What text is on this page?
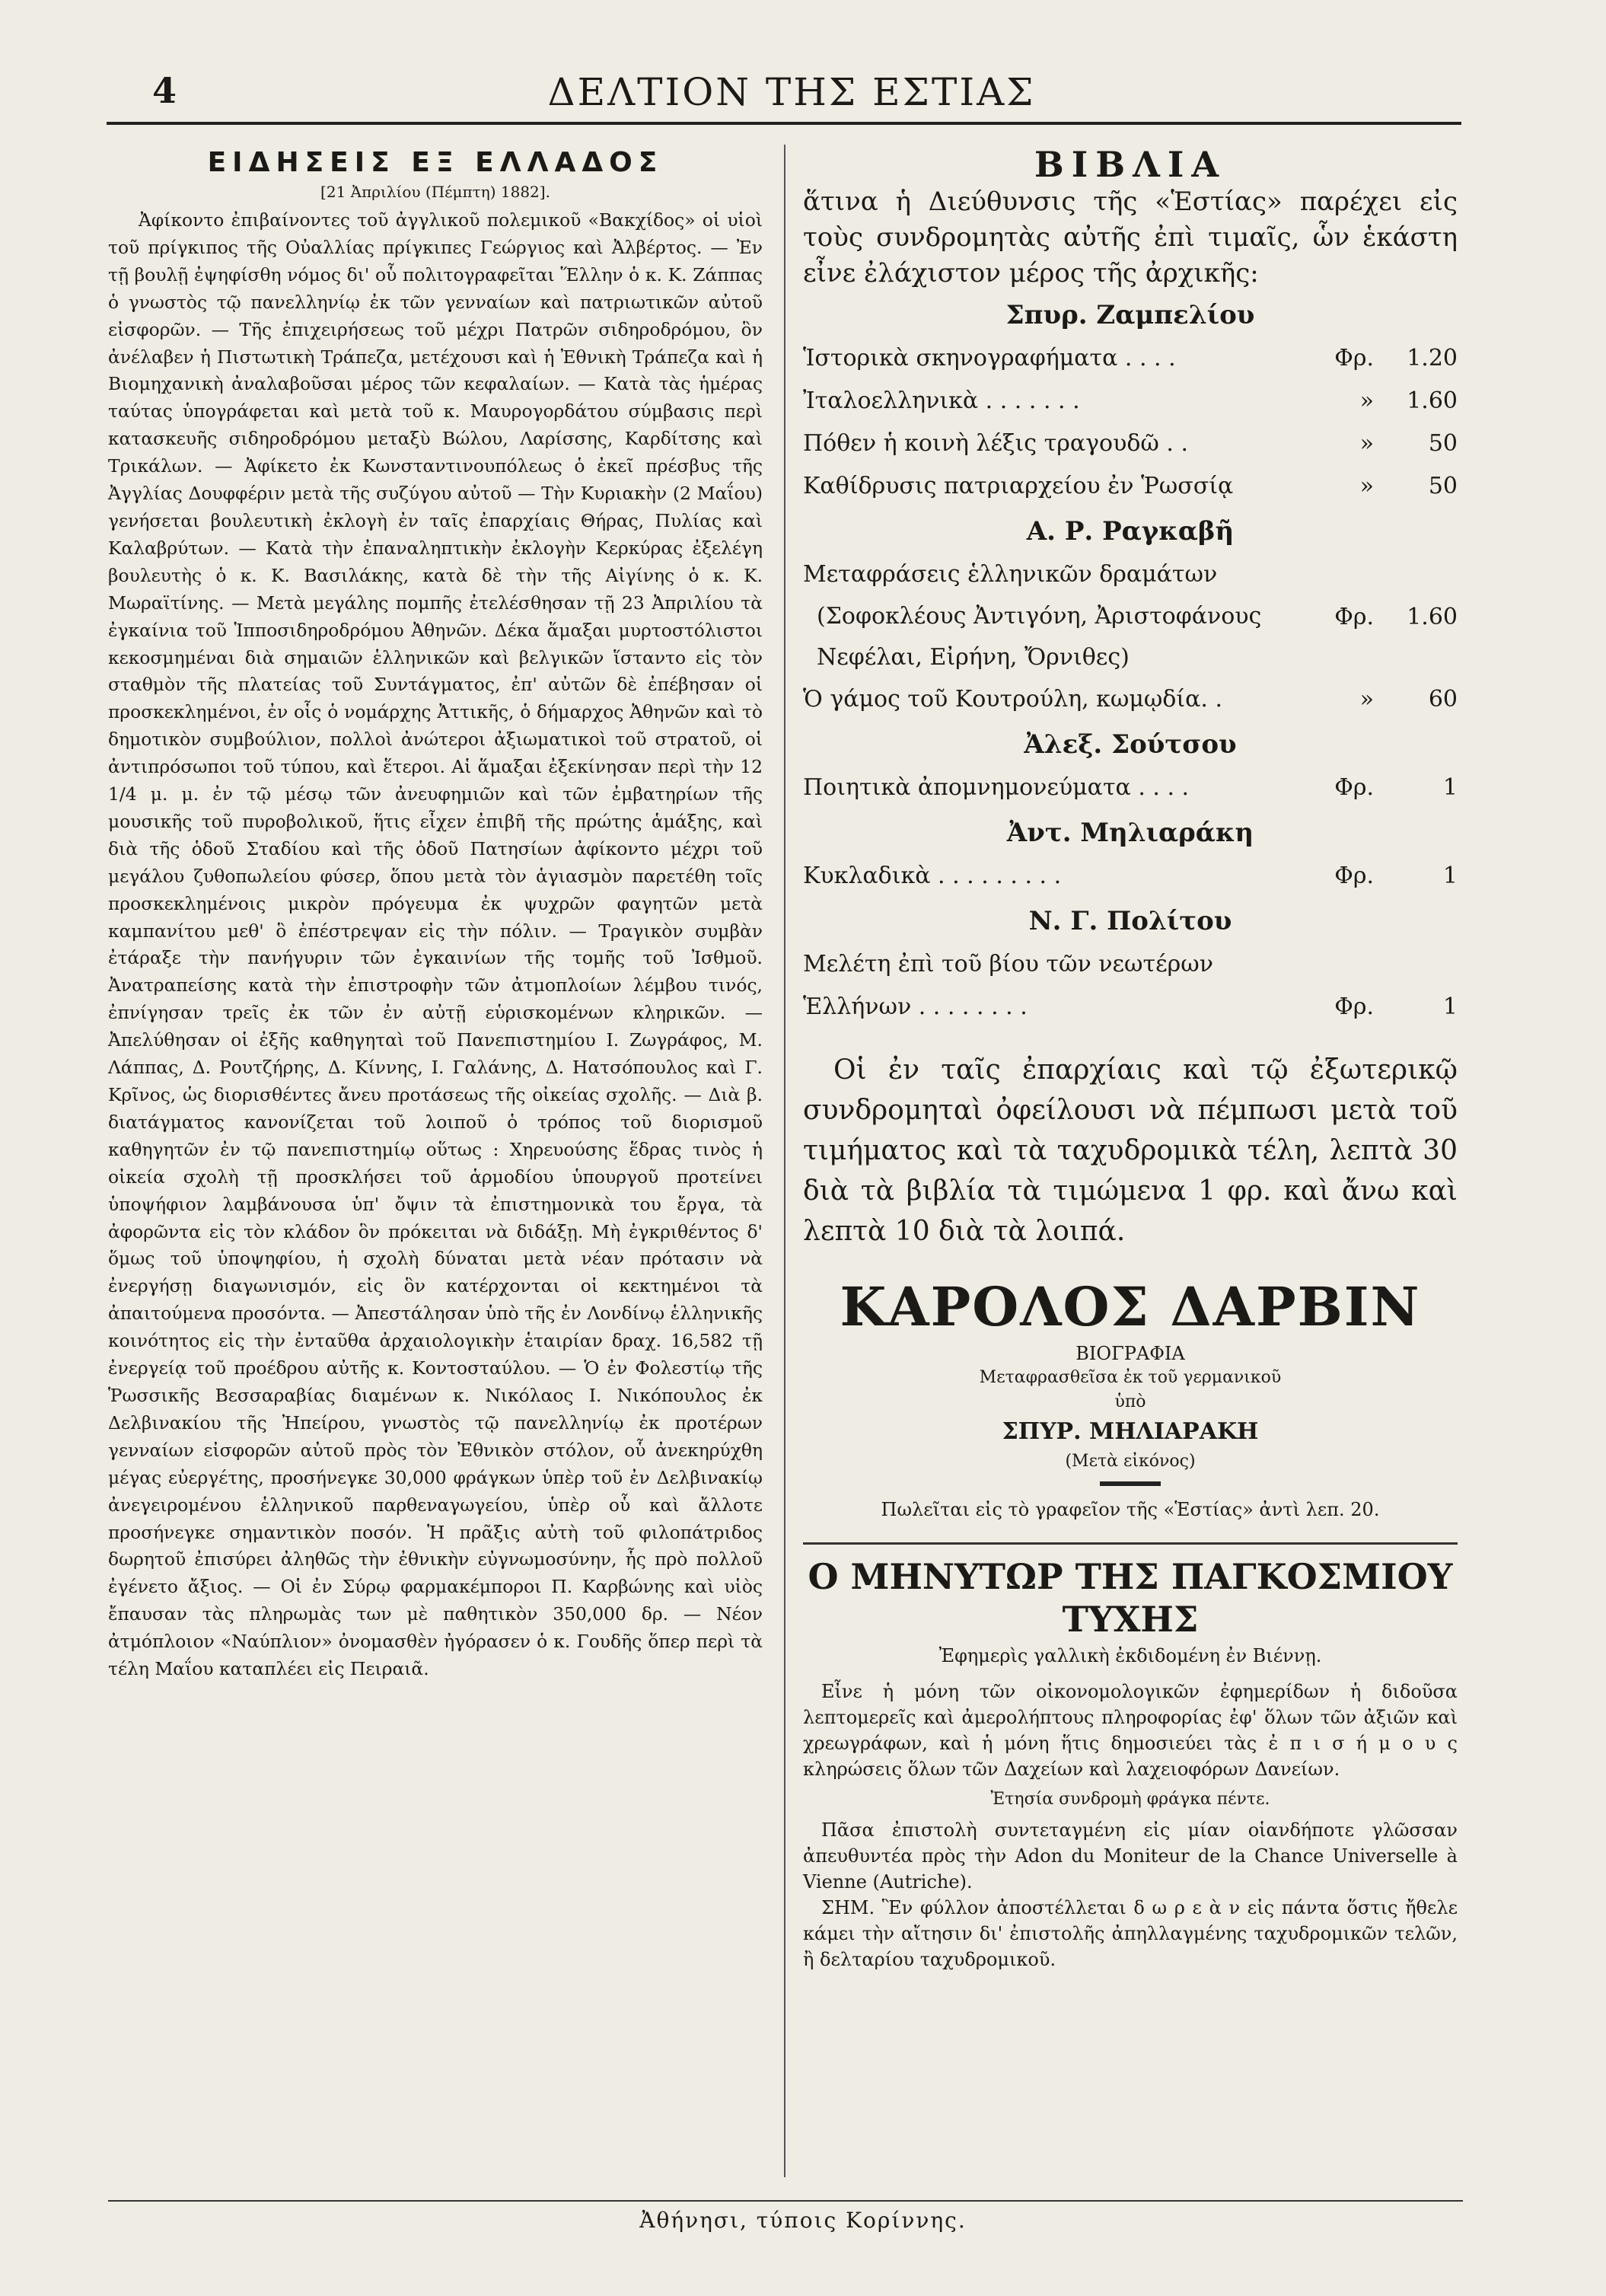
4	ΔΕΛΤΙΟΝ ΤΗΣ ΕΣΤΙΑΣ
ΕΙΔΗΣΕΙΣ ΕΞ ΕΛΛΑΔΟΣ

[21 Ἀπριλίου (Πέμπτη) 1882].

Ἀφίκοντο ἐπιβαίνοντες τοῦ ἀγγλικοῦ πολεμικοῦ «Βακχίδος» οἱ υἱοὶ τοῦ πρίγκιπος τῆς Οὐαλλίας πρίγκιπες Γεώργιος καὶ Ἀλβέρτος. — Ἐν τῇ βουλῇ ἐψηφίσθη νόμος δι' οὗ πολιτογραφεῖται Ἕλλην ὁ κ. Κ. Ζάππας ὁ γνωστὸς τῷ πανελληνίῳ ἐκ τῶν γενναίων καὶ πατριωτικῶν αὐτοῦ εἰσφορῶν. — Τῆς ἐπιχειρήσεως τοῦ μέχρι Πατρῶν σιδηροδρόμου, ὃν ἀνέλαβεν ἡ Πιστωτικὴ Τράπεζα, μετέχουσι καὶ ἡ Ἐθνικὴ Τράπεζα καὶ ἡ Βιομηχανικὴ ἀναλαβοῦσαι μέρος τῶν κεφαλαίων. — Κατὰ τὰς ἡμέρας ταύτας ὑπογράφεται καὶ μετὰ τοῦ κ. Μαυρογορδάτου σύμβασις περὶ κατασκευῆς σιδηροδρόμου μεταξὺ Βώλου, Λαρίσσης, Καρδίτσης καὶ Τρικάλων. — Ἀφίκετο ἐκ Κωνσταντινουπόλεως ὁ ἐκεῖ πρέσβυς τῆς Ἀγγλίας Δουφφέριν μετὰ τῆς συζύγου αὐτοῦ — Τὴν Κυριακὴν (2 Μαΐου) γενήσεται βουλευτικὴ ἐκλογὴ ἐν ταῖς ἐπαρχίαις Θήρας, Πυλίας καὶ Καλαβρύτων. — Κατὰ τὴν ἐπαναληπτικὴν ἐκλογὴν Κερκύρας ἐξελέγη βουλευτὴς ὁ κ. Κ. Βασιλάκης, κατὰ δὲ τὴν τῆς Αἰγίνης ὁ κ. Κ. Μωραϊτίνης. — Μετὰ μεγάλης πομπῆς ἐτελέσθησαν τῇ 23 Ἀπριλίου τὰ ἐγκαίνια τοῦ Ἱπποσιδηροδρόμου Ἀθηνῶν. Δέκα ἅμαξαι μυρτοστόλιστοι κεκοσμημέναι διὰ σημαιῶν ἑλληνικῶν καὶ βελγικῶν ἵσταντο εἰς τὸν σταθμὸν τῆς πλατείας τοῦ Συντάγματος, ἐπ' αὐτῶν δὲ ἐπέβησαν οἱ προσκεκλημένοι, ἐν οἷς ὁ νομάρχης Ἀττικῆς, ὁ δήμαρχος Ἀθηνῶν καὶ τὸ δημοτικὸν συμβούλιον, πολλοὶ ἀνώτεροι ἀξιωματικοὶ τοῦ στρατοῦ, οἱ ἀντιπρόσωποι τοῦ τύπου, καὶ ἕτεροι. Αἱ ἅμαξαι ἐξεκίνησαν περὶ τὴν 12 1/4 μ. μ. ἐν τῷ μέσῳ τῶν ἀνευφημιῶν καὶ τῶν ἐμβατηρίων τῆς μουσικῆς τοῦ πυροβολικοῦ, ἥτις εἶχεν ἐπιβῆ τῆς πρώτης ἁμάξης, καὶ διὰ τῆς ὁδοῦ Σταδίου καὶ τῆς ὁδοῦ Πατησίων ἀφίκοντο μέχρι τοῦ μεγάλου ζυθοπωλείου φύσερ, ὅπου μετὰ τὸν ἁγιασμὸν παρετέθη τοῖς προσκεκλημένοις μικρὸν πρόγευμα ἐκ ψυχρῶν φαγητῶν μετὰ καμπανίτου μεθ' ὃ ἐπέστρεψαν εἰς τὴν πόλιν. — Τραγικὸν συμβὰν ἐτάραξε τὴν πανήγυριν τῶν ἐγκαινίων τῆς τομῆς τοῦ Ἰσθμοῦ. Ἀνατραπείσης κατὰ τὴν ἐπιστροφὴν τῶν ἀτμοπλοίων λέμβου τινός, ἐπνίγησαν τρεῖς ἐκ τῶν ἐν αὐτῇ εὑρισκομένων κληρικῶν. — Ἀπελύθησαν οἱ ἐξῆς καθηγηταὶ τοῦ Πανεπιστημίου Ι. Ζωγράφος, Μ. Λάππας, Δ. Ρουτζήρης, Δ. Κίννης, Ι. Γαλάνης, Δ. Ηατσόπουλος καὶ Γ. Κρῖνος, ὡς διορισθέντες ἄνευ προτάσεως τῆς οἰκείας σχολῆς. — Διὰ β. διατάγματος κανονίζεται τοῦ λοιποῦ ὁ τρόπος τοῦ διορισμοῦ καθηγητῶν ἐν τῷ πανεπιστημίῳ οὕτως : Χηρευούσης ἕδρας τινὸς ἡ οἰκεία σχολὴ τῇ προσκλήσει τοῦ ἁρμοδίου ὑπουργοῦ προτείνει ὑποψήφιον λαμβάνουσα ὑπ' ὄψιν τὰ ἐπιστημονικὰ του ἔργα, τὰ ἀφορῶντα εἰς τὸν κλάδον ὃν πρόκειται νὰ διδάξῃ. Μὴ ἐγκριθέντος δ' ὅμως τοῦ ὑποψηφίου, ἡ σχολὴ δύναται μετὰ νέαν πρότασιν νὰ ἐνεργήσῃ διαγωνισμόν, εἰς ὃν κατέρχονται οἱ κεκτημένοι τὰ ἀπαιτούμενα προσόντα. — Ἀπεστάλησαν ὑπὸ τῆς ἐν Λονδίνῳ ἑλληνικῆς κοινότητος εἰς τὴν ἐνταῦθα ἀρχαιολογικὴν ἑταιρίαν δραχ. 16,582 τῇ ἐνεργείᾳ τοῦ προέδρου αὐτῆς κ. Κοντοσταύλου. — Ὁ ἐν Φολεστίῳ τῆς Ῥωσσικῆς Βεσσαραβίας διαμένων κ. Νικόλαος Ι. Νικόπουλος ἐκ Δελβινακίου τῆς Ἠπείρου, γνωστὸς τῷ πανελληνίῳ ἐκ προτέρων γενναίων εἰσφορῶν αὐτοῦ πρὸς τὸν Ἐθνικὸν στόλον, οὗ ἀνεκηρύχθη μέγας εὐεργέτης, προσήνεγκε 30,000 φράγκων ὑπὲρ τοῦ ἐν Δελβινακίῳ ἀνεγειρομένου ἑλληνικοῦ παρθεναγωγείου, ὑπὲρ οὗ καὶ ἄλλοτε προσήνεγκε σημαντικὸν ποσόν. Ἡ πρᾶξις αὐτὴ τοῦ φιλοπάτριδος δωρητοῦ ἐπισύρει ἀληθῶς τὴν ἐθνικὴν εὐγνωμοσύνην, ἧς πρὸ πολλοῦ ἐγένετο ἄξιος. — Οἱ ἐν Σύρῳ φαρμακέμποροι Π. Καρβώνης καὶ υἱὸς ἔπαυσαν τὰς πληρωμὰς των μὲ παθητικὸν 350,000 δρ. — Νέον ἀτμόπλοιον «Ναύπλιον» ὀνομασθὲν ἠγόρασεν ὁ κ. Γουδῆς ὅπερ περὶ τὰ τέλη Μαΐου καταπλέει εἰς Πειραιᾶ.

ΒΙΒΛΙΑ

ἅτινα ἡ Διεύθυνσις τῆς «Ἑστίας» παρέχει εἰς τοὺς συνδρομητὰς αὐτῆς ἐπὶ τιμαῖς, ὧν ἑκάστη εἶνε ἐλάχιστον μέρος τῆς ἀρχικῆς:

Σπυρ. Ζαμπελίου
Ἱστορικὰ σκηνογραφήματα . . . .	Φρ.	1.20
Ἰταλοελληνικὰ . . . . . . .	»	1.60
Πόθεν ἡ κοινὴ λέξις τραγουδῶ . .	»	50
Καθίδρυσις πατριαρχείου ἐν Ῥωσσίᾳ	»	50
Α. Ρ. Ραγκαβῆ
Μεταφράσεις ἑλληνικῶν δραμάτων
(Σοφοκλέους Ἀντιγόνη, Ἀριστοφάνους Νεφέλαι, Εἰρήνη, Ὄρνιθες)
Φρ.	1.60
Ὁ γάμος τοῦ Κουτρούλη, κωμῳδία. .	»	60
Ἀλεξ. Σούτσου
Ποιητικὰ ἀπομνημονεύματα . . . .	Φρ.	1
Ἀντ. Μηλιαράκη
Κυκλαδικὰ . . . . . . . . .	Φρ.	1
Ν. Γ. Πολίτου
Μελέτη ἐπὶ τοῦ βίου τῶν νεωτέρων
Ἑλλήνων . . . . . . . .	Φρ.	1

Οἱ ἐν ταῖς ἐπαρχίαις καὶ τῷ ἐξωτερικῷ συνδρομηταὶ ὀφείλουσι νὰ πέμπωσι μετὰ τοῦ τιμήματος καὶ τὰ ταχυδρομικὰ τέλη, λεπτὰ 30 διὰ τὰ βιβλία τὰ τιμώμενα 1 φρ. καὶ ἄνω καὶ λεπτὰ 10 διὰ τὰ λοιπά.

ΚΑΡΟΛΟΣ ΔΑΡΒΙΝ

ΒΙΟΓΡΑΦΙΑ

Μεταφρασθεῖσα ἐκ τοῦ γερμανικοῦ

ὑπὸ

ΣΠΥΡ. ΜΗΛΙΑΡΑΚΗ

(Μετὰ εἰκόνος)

Πωλεῖται εἰς τὸ γραφεῖον τῆς «Ἑστίας» ἀντὶ λεπ. 20.

Ο ΜΗΝΥΤΩΡ ΤΗΣ ΠΑΓΚΟΣΜΙΟΥ ΤΥΧΗΣ

Ἐφημερὶς γαλλικὴ ἐκδιδομένη ἐν Βιέννῃ.

Εἶνε ἡ μόνη τῶν οἰκονομολογικῶν ἐφημερίδων ἡ διδοῦσα λεπτομερεῖς καὶ ἀμερολήπτους πληροφορίας ἐφ' ὅλων τῶν ἀξιῶν καὶ χρεωγράφων, καὶ ἡ μόνη ἥτις δημοσιεύει τὰς ἐ π ι σ ή μ ο υ ς κληρώσεις ὅλων τῶν Δαχείων καὶ λαχειοφόρων Δανείων.

Ἐτησία συνδρομὴ φράγκα πέντε.

Πᾶσα ἐπιστολὴ συντεταγμένη εἰς μίαν οἱανδήποτε γλῶσσαν ἀπευθυντέα πρὸς τὴν Adon du Moniteur de la Chance Universelle à Vienne (Autriche).

ΣΗΜ. Ἓν φύλλον ἀποστέλλεται δ ω ρ ε ὰ ν εἰς πάντα ὅστις ἤθελε κάμει τὴν αἴτησιν δι' ἐπιστολῆς ἀπηλλαγμένης ταχυδρομικῶν τελῶν, ἢ δελταρίου ταχυδρομικοῦ.

Ἀθήνησι, τύποις Κορίννης.
